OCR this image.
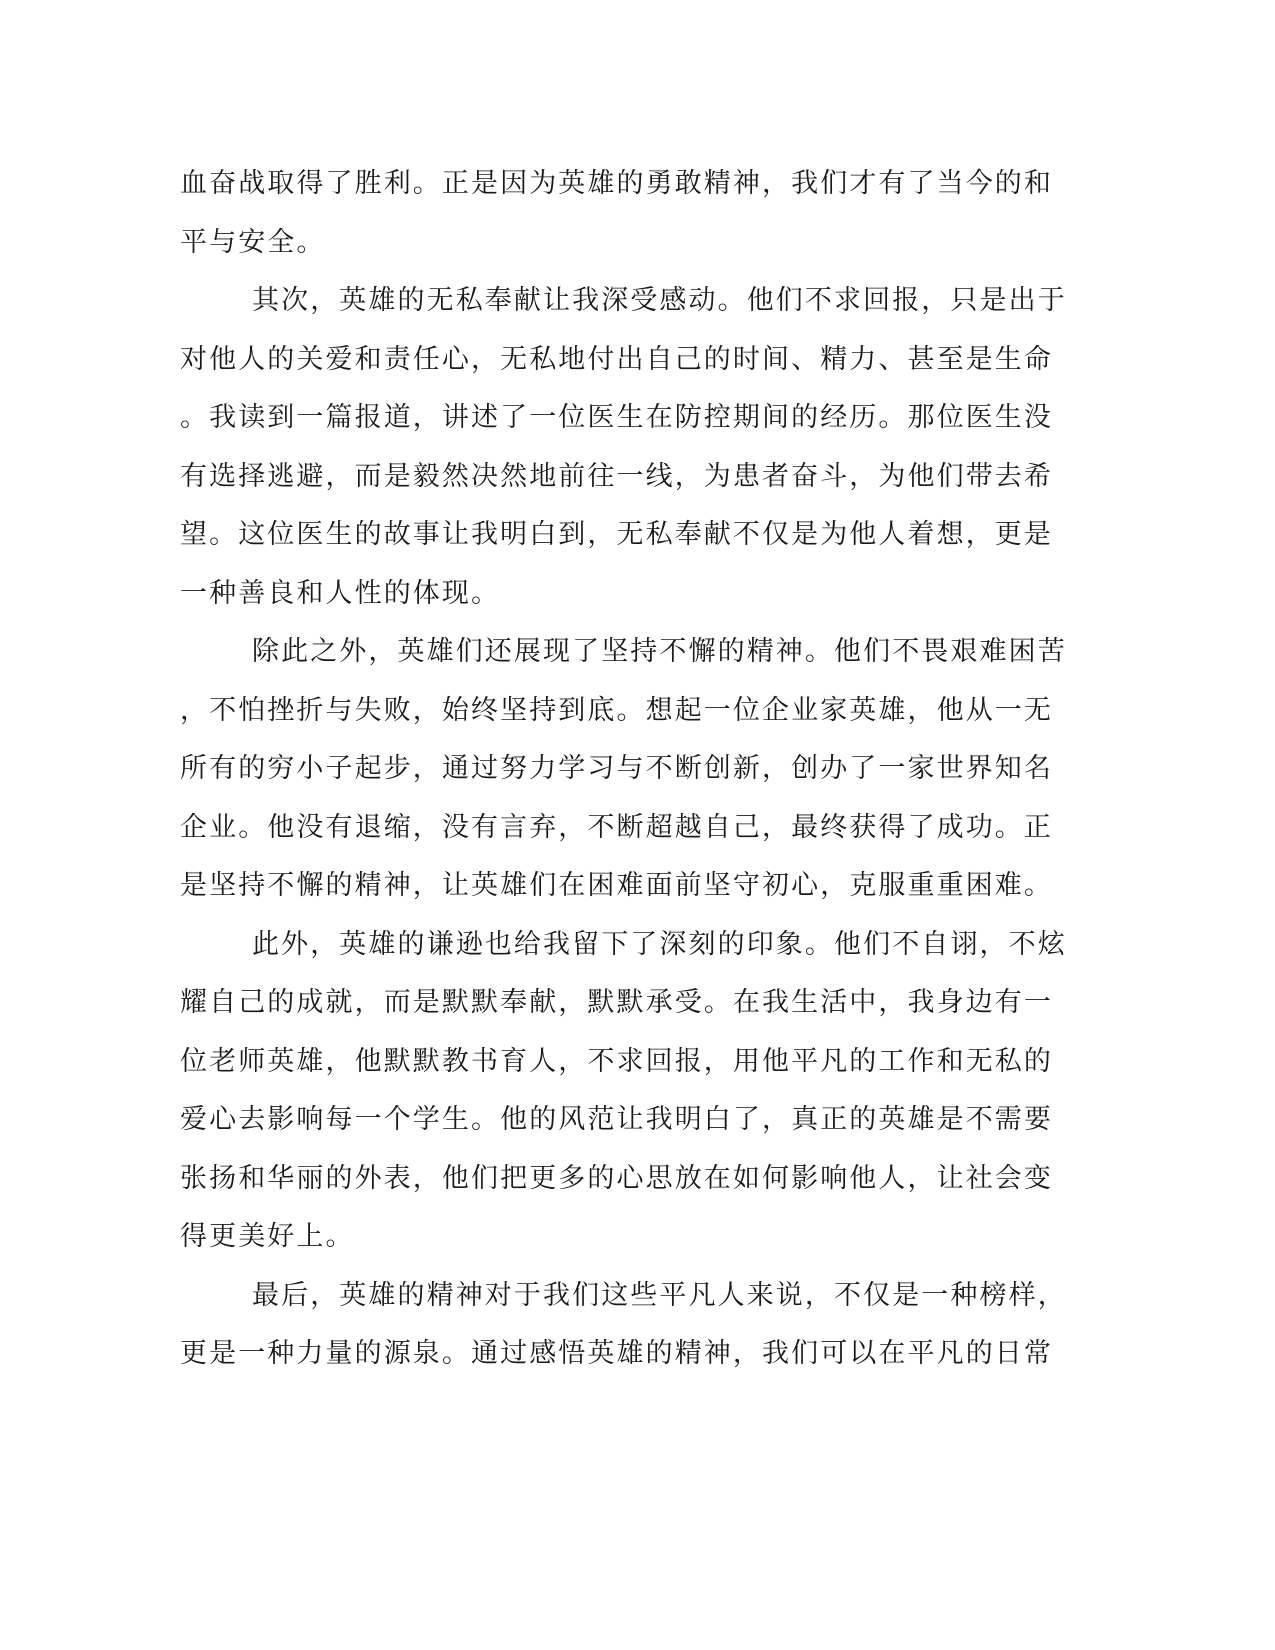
血奋战取得了胜利。正是因为英雄的勇敢精神，我们才有了当今的和
平与安全。
其次，英雄的无私奉献让我深受感动。他们不求回报，只是出于
对他人的关爱和责任心，无私地付出自己的时间、精力、甚至是生命
。我读到一篇报道，讲述了一位医生在防控期间的经历。那位医生没
有选择逃避，而是毅然决然地前往一线，为患者奋斗，为他们带去希
望。这位医生的故事让我明白到，无私奉献不仅是为他人着想，更是
一种善良和人性的体现。
除此之外，英雄们还展现了坚持不懈的精神。他们不畏艰难困苦
，不怕挫折与失败，始终坚持到底。想起一位企业家英雄，他从一无
所有的穷小子起步，通过努力学习与不断创新，创办了一家世界知名
企业。他没有退缩，没有言弃，不断超越自己，最终获得了成功。正
是坚持不懈的精神，让英雄们在困难面前坚守初心，克服重重困难。
此外，英雄的谦逊也给我留下了深刻的印象。他们不自诩，不炫
耀自己的成就，而是默默奉献，默默承受。在我生活中，我身边有一
位老师英雄，他默默教书育人，不求回报，用他平凡的工作和无私的
爱心去影响每一个学生。他的风范让我明白了，真正的英雄是不需要
张扬和华丽的外表，他们把更多的心思放在如何影响他人，让社会变
得更美好上。
最后，英雄的精神对于我们这些平凡人来说，不仅是一种榜样，
更是一种力量的源泉。通过感悟英雄的精神，我们可以在平凡的日常
